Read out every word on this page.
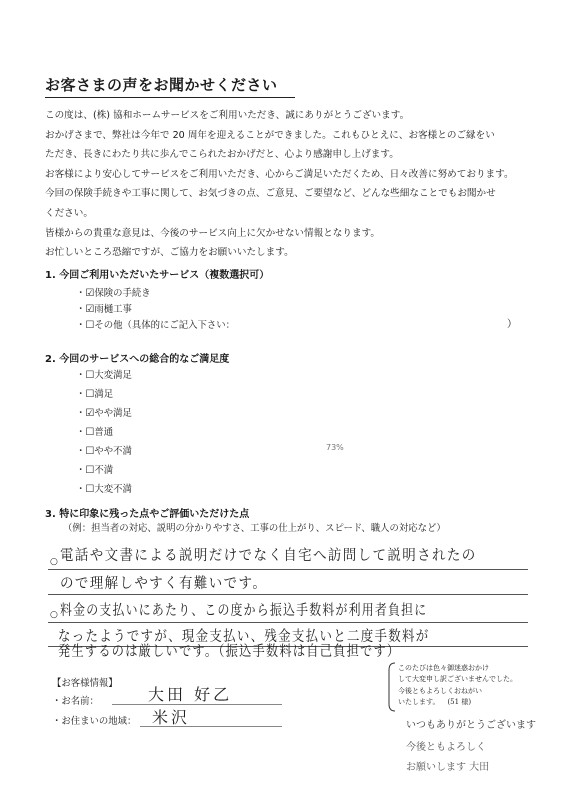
お客さまの声をお聞かせください

この度は、(株) 協和ホームサービスをご利用いただき、誠にありがとうございます。

おかげさまで、弊社は今年で 20 周年を迎えることができました。これもひとえに、お客様とのご縁をい

ただき、長きにわたり共に歩んでこられたおかげだと、心より感謝申し上げます。

お客様により安心してサービスをご利用いただき、心からご満足いただくため、日々改善に努めております。

今回の保険手続きや工事に関して、お気づきの点、ご意見、ご要望など、どんな些細なことでもお聞かせ

ください。

皆様からの貴重な意見は、今後のサービス向上に欠かせない情報となります。

お忙しいところ恐縮ですが、ご協力をお願いいたします。

1. 今回ご利用いただいたサービス（複数選択可）
・☑保険の手続き
・☑雨樋工事
・☐その他（具体的にご記入下さい：	）
2. 今回のサービスへの総合的なご満足度
・☐大変満足
・☐満足
・☑やや満足
・☐普通
・☐やや不満
・☐不満
・☐大変不満
73%
3. 特に印象に残った点やご評価いただけた点
（例：担当者の対応、説明の分かりやすさ、工事の仕上がり、スピード、職人の対応など）
○ 電話や文書による説明だけでなく自宅へ訪問して説明されたの
ので理解しやすく有難いです。
○ 料金の支払いにあたり、この度から振込手数料が利用者負担に
なったようですが、現金支払い、残金支払いと二度手数料が
発生するのは厳しいです。（振込手数料は自己負担です）
【お客様情報】
・お名前：	大田 好乙
・お住まいの地域： 米沢
このたびは色々御迷惑おかけ
して大変申し訳ございませんでした。
今後ともよろしくおねがい
いたします。 (51 様)
いつもありがとうございます
今後ともよろしく
お願いします 大田
